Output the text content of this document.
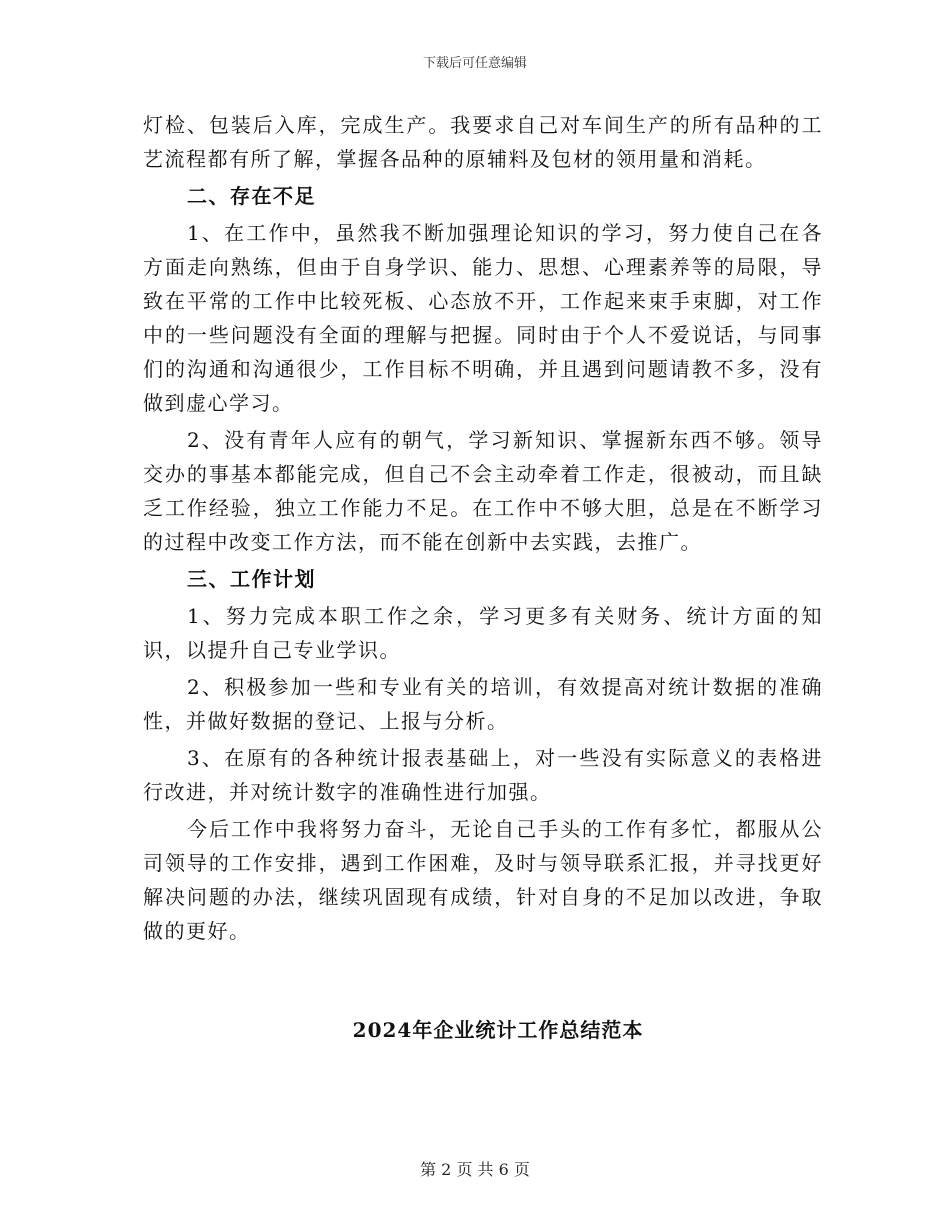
下载后可任意编辑

灯检、包装后入库，完成生产。我要求自己对车间生产的所有品种的工艺流程都有所了解，掌握各品种的原辅料及包材的领用量和消耗。

二、存在不足

1、在工作中，虽然我不断加强理论知识的学习，努力使自己在各方面走向熟练，但由于自身学识、能力、思想、心理素养等的局限，导致在平常的工作中比较死板、心态放不开，工作起来束手束脚，对工作中的一些问题没有全面的理解与把握。同时由于个人不爱说话，与同事们的沟通和沟通很少，工作目标不明确，并且遇到问题请教不多，没有做到虚心学习。

2、没有青年人应有的朝气，学习新知识、掌握新东西不够。领导交办的事基本都能完成，但自己不会主动牵着工作走，很被动，而且缺乏工作经验，独立工作能力不足。在工作中不够大胆，总是在不断学习的过程中改变工作方法，而不能在创新中去实践，去推广。

三、工作计划

1、努力完成本职工作之余，学习更多有关财务、统计方面的知识，以提升自己专业学识。

2、积极参加一些和专业有关的培训，有效提高对统计数据的准确性，并做好数据的登记、上报与分析。

3、在原有的各种统计报表基础上，对一些没有实际意义的表格进行改进，并对统计数字的准确性进行加强。

今后工作中我将努力奋斗，无论自己手头的工作有多忙，都服从公司领导的工作安排，遇到工作困难，及时与领导联系汇报，并寻找更好解决问题的办法，继续巩固现有成绩，针对自身的不足加以改进，争取做的更好。

2024年企业统计工作总结范本
第 2 页 共 6 页
